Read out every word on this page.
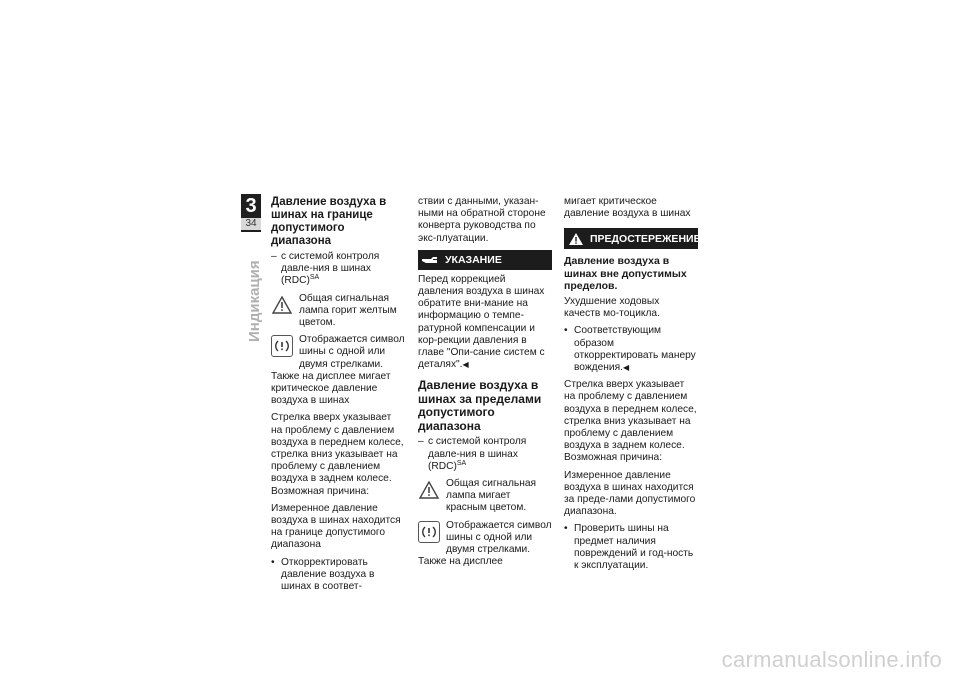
3
34
Индикация
Давление воздуха в шинах на границе допустимого диапазона
– с системой контроля давле-ния в шинах (RDC)$^{SA}$
Общая сигнальная лампа горит желтым цветом.
Отображается символ шины с одной или двумя стрелками. Также на дисплее мигает критическое давление воздуха в шинах

Стрелка вверх указывает на проблему с давлением воздуха в переднем колесе, стрелка вниз указывает на проблему с давлением воздуха в заднем колесе.

Возможная причина:

Измеренное давление воздуха в шинах находится на границе допустимого диапазона

• Откорректировать давление воздуха в шинах в соответ-

ствии с данными, указан-ными на обратной стороне конверта руководства по экс-плуатации.

УКАЗАНИЕ

Перед коррекцией давления воздуха в шинах обратите вни-мание на информацию о темпе-ратурной компенсации и кор-рекции давления в главе "Опи-сание систем с деталях".◀

Давление воздуха в шинах за пределами допустимого диапазона
– с системой контроля давле-ния в шинах (RDC)$^{SA}$
Общая сигнальная лампа мигает красным цветом.
Отображается символ шины с одной или двумя стрелками. Также на дисплее

мигает критическое давление воздуха в шинах

ПРЕДОСТЕРЕЖЕНИЕ
Давление воздуха в шинах вне допустимых пределов.

Ухудшение ходовых качеств мо-тоцикла.

• Соответствующим образом откорректировать манеру вождения.◀

Стрелка вверх указывает на проблему с давлением воздуха в переднем колесе, стрелка вниз указывает на проблему с давлением воздуха в заднем колесе.

Возможная причина:

Измеренное давление воздуха в шинах находится за преде-лами допустимого диапазона.

• Проверить шины на предмет наличия повреждений и год-ность к эксплуатации.
carmanualsonline.info
